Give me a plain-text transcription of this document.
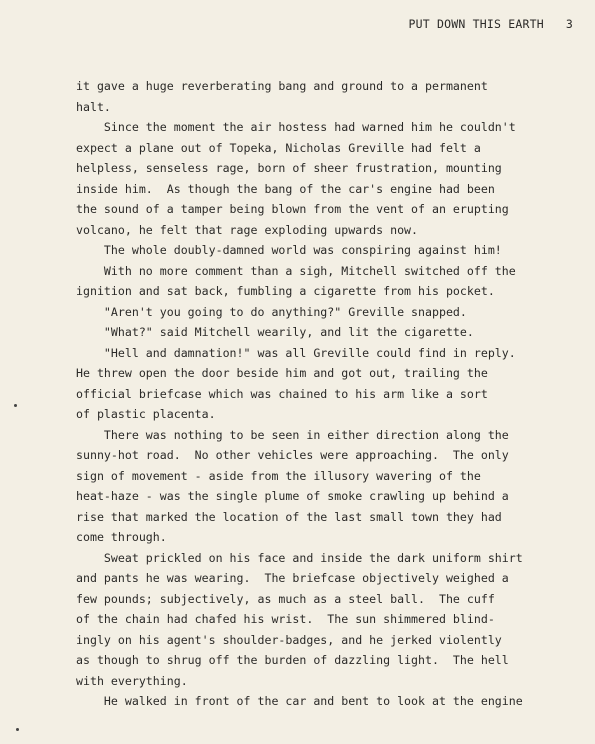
PUT DOWN THIS EARTH 3
it gave a huge reverberating bang and ground to a permanent
halt.
Since the moment the air hostess had warned him he couldn't
expect a plane out of Topeka, Nicholas Greville had felt a
helpless, senseless rage, born of sheer frustration, mounting
inside him.  As though the bang of the car's engine had been
the sound of a tamper being blown from the vent of an erupting
volcano, he felt that rage exploding upwards now.
The whole doubly-damned world was conspiring against him!
With no more comment than a sigh, Mitchell switched off the
ignition and sat back, fumbling a cigarette from his pocket.
"Aren't you going to do anything?" Greville snapped.
"What?" said Mitchell wearily, and lit the cigarette.
"Hell and damnation!" was all Greville could find in reply.
He threw open the door beside him and got out, trailing the
official briefcase which was chained to his arm like a sort
of plastic placenta.
There was nothing to be seen in either direction along the
sunny-hot road.  No other vehicles were approaching.  The only
sign of movement - aside from the illusory wavering of the
heat-haze - was the single plume of smoke crawling up behind a
rise that marked the location of the last small town they had
come through.
Sweat prickled on his face and inside the dark uniform shirt
and pants he was wearing.  The briefcase objectively weighed a
few pounds; subjectively, as much as a steel ball.  The cuff
of the chain had chafed his wrist.  The sun shimmered blind-
ingly on his agent's shoulder-badges, and he jerked violently
as though to shrug off the burden of dazzling light.  The hell
with everything.
He walked in front of the car and bent to look at the engine
